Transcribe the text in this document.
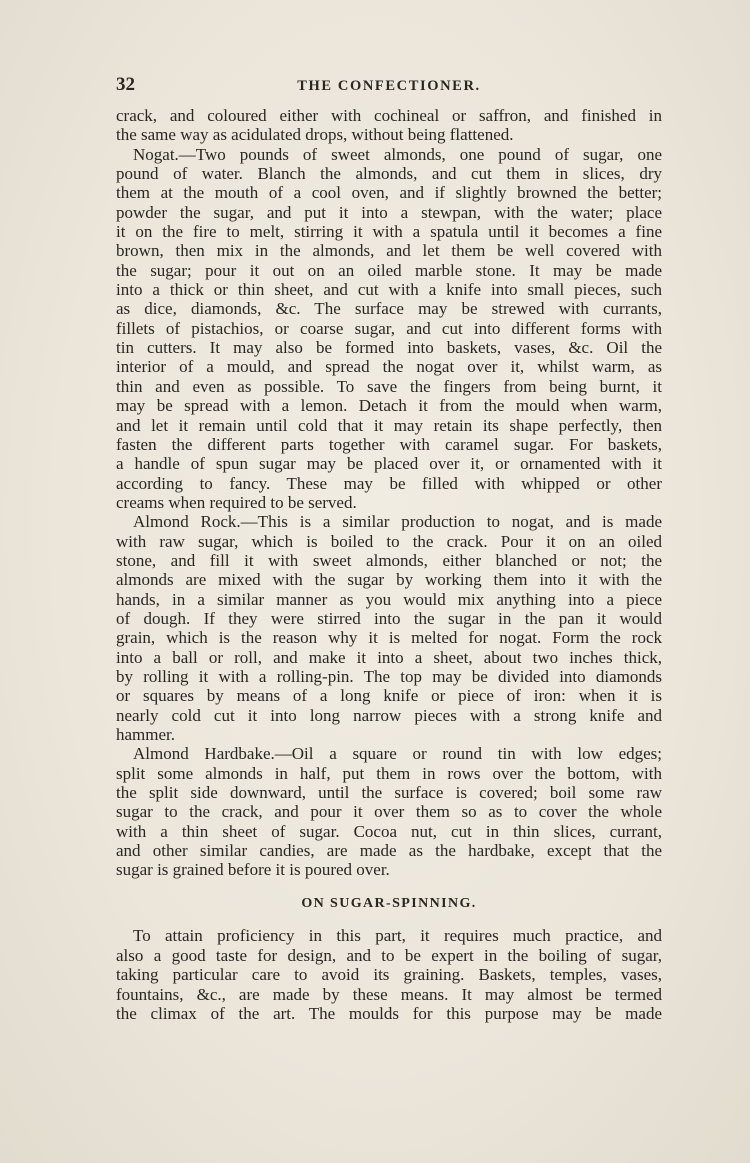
32	THE CONFECTIONER.
crack, and coloured either with cochineal or saffron, and finished in
the same way as acidulated drops, without being flattened.
Nogat.—Two pounds of sweet almonds, one pound of sugar, one
pound of water. Blanch the almonds, and cut them in slices, dry
them at the mouth of a cool oven, and if slightly browned the better;
powder the sugar, and put it into a stewpan, with the water; place
it on the fire to melt, stirring it with a spatula until it becomes a fine
brown, then mix in the almonds, and let them be well covered with
the sugar; pour it out on an oiled marble stone. It may be made
into a thick or thin sheet, and cut with a knife into small pieces, such
as dice, diamonds, &c. The surface may be strewed with currants,
fillets of pistachios, or coarse sugar, and cut into different forms with
tin cutters. It may also be formed into baskets, vases, &c. Oil the
interior of a mould, and spread the nogat over it, whilst warm, as
thin and even as possible. To save the fingers from being burnt, it
may be spread with a lemon. Detach it from the mould when warm,
and let it remain until cold that it may retain its shape perfectly, then
fasten the different parts together with caramel sugar. For baskets,
a handle of spun sugar may be placed over it, or ornamented with it
according to fancy. These may be filled with whipped or other
creams when required to be served.
Almond Rock.—This is a similar production to nogat, and is made
with raw sugar, which is boiled to the crack. Pour it on an oiled
stone, and fill it with sweet almonds, either blanched or not; the
almonds are mixed with the sugar by working them into it with the
hands, in a similar manner as you would mix anything into a piece
of dough. If they were stirred into the sugar in the pan it would
grain, which is the reason why it is melted for nogat. Form the rock
into a ball or roll, and make it into a sheet, about two inches thick,
by rolling it with a rolling-pin. The top may be divided into diamonds
or squares by means of a long knife or piece of iron: when it is
nearly cold cut it into long narrow pieces with a strong knife and
hammer.
Almond Hardbake.—Oil a square or round tin with low edges;
split some almonds in half, put them in rows over the bottom, with
the split side downward, until the surface is covered; boil some raw
sugar to the crack, and pour it over them so as to cover the whole
with a thin sheet of sugar. Cocoa nut, cut in thin slices, currant,
and other similar candies, are made as the hardbake, except that the
sugar is grained before it is poured over.
ON SUGAR-SPINNING.
To attain proficiency in this part, it requires much practice, and
also a good taste for design, and to be expert in the boiling of sugar,
taking particular care to avoid its graining. Baskets, temples, vases,
fountains, &c., are made by these means. It may almost be termed
the climax of the art. The moulds for this purpose may be made
